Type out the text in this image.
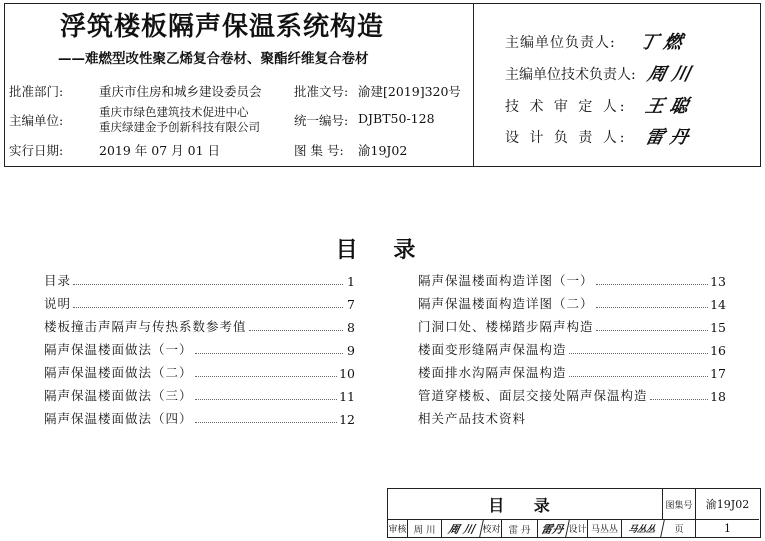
浮筑楼板隔声保温系统构造
——难燃型改性聚乙烯复合卷材、聚酯纤维复合卷材
批准部门:	重庆市住房和城乡建设委员会	批准文号: 渝建[2019]320号
主编单位:
重庆市绿色建筑技术促进中心
重庆绿建金予创新科技有限公司	统一编号: DJBT50-128
实行日期:	2019 年 07 月 01 日	图 集 号: 渝19J02
主编单位负责人: 丁 燃
主编单位技术负责人: 周 川
技 术 审 定 人: 王 聪
设 计 负 责 人: 雷 丹
目 录
目录	1
说明	7
楼板撞击声隔声与传热系数参考值	8
隔声保温楼面做法（一）	9
隔声保温楼面做法（二）	10
隔声保温楼面做法（三）	11
隔声保温楼面做法（四）	12
隔声保温楼面构造详图（一）	13
隔声保温楼面构造详图（二）	14
门洞口处、楼梯踏步隔声构造	15
楼面变形缝隔声保温构造	16
楼面排水沟隔声保温构造	17
管道穿楼板、面层交接处隔声保温构造	18
相关产品技术资料
目 录	图集号	渝19J02
审核 周 川	周 川 校对 雷 丹 雷丹 设计 马丛丛	马丛丛	页	1
